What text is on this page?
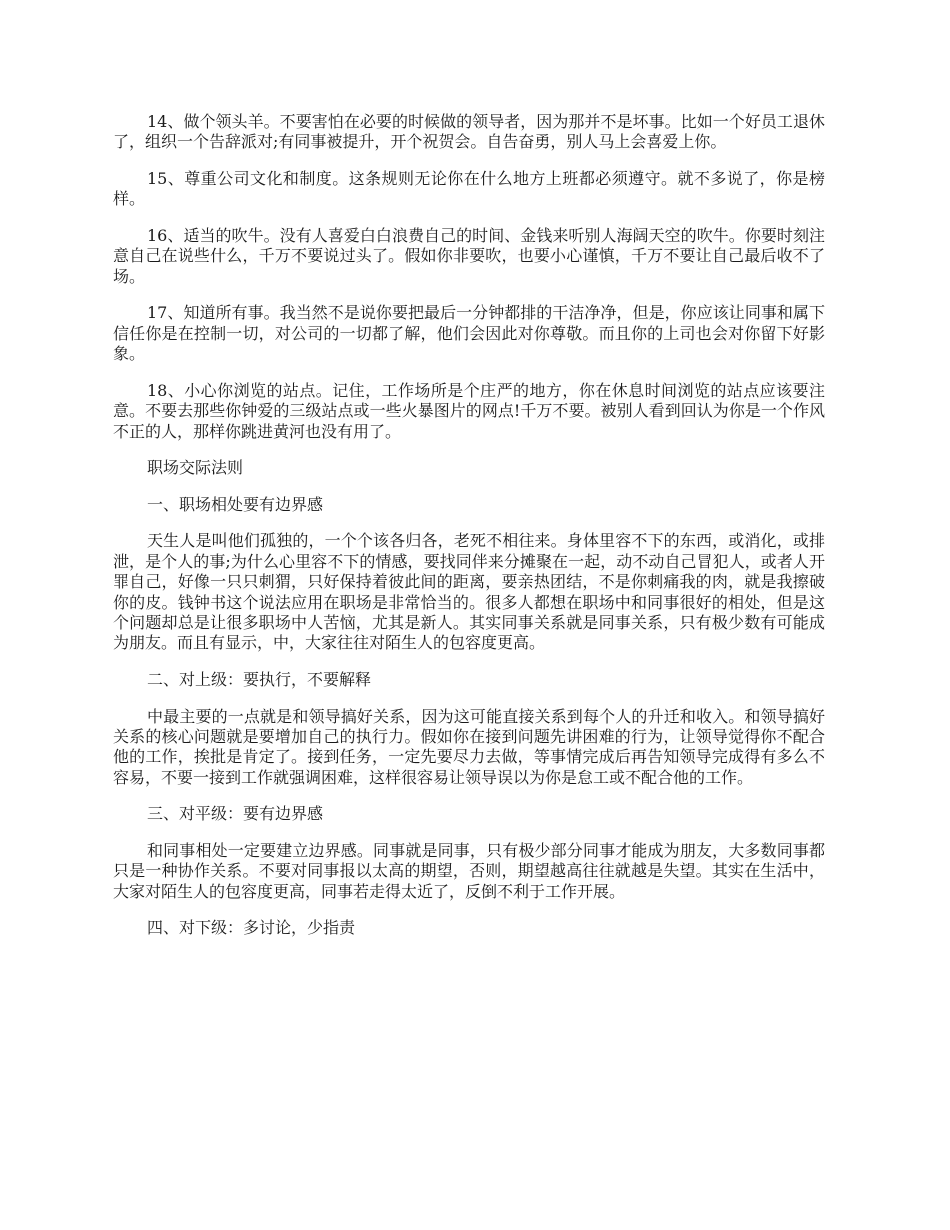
14、做个领头羊。不要害怕在必要的时候做的领导者，因为那并不是坏事。比如一个好员工退休了，组织一个告辞派对;有同事被提升，开个祝贺会。自告奋勇，别人马上会喜爱上你。

15、尊重公司文化和制度。这条规则无论你在什么地方上班都必须遵守。就不多说了，你是榜样。

16、适当的吹牛。没有人喜爱白白浪费自己的时间、金钱来听别人海阔天空的吹牛。你要时刻注意自己在说些什么，千万不要说过头了。假如你非要吹，也要小心谨慎，千万不要让自己最后收不了场。

17、知道所有事。我当然不是说你要把最后一分钟都排的干洁净净，但是，你应该让同事和属下信任你是在控制一切，对公司的一切都了解，他们会因此对你尊敬。而且你的上司也会对你留下好影象。

18、小心你浏览的站点。记住，工作场所是个庄严的地方，你在休息时间浏览的站点应该要注意。不要去那些你钟爱的三级站点或一些火暴图片的网点!千万不要。被别人看到回认为你是一个作风不正的人，那样你跳进黄河也没有用了。

职场交际法则

一、职场相处要有边界感

天生人是叫他们孤独的，一个个该各归各，老死不相往来。身体里容不下的东西，或消化，或排泄，是个人的事;为什么心里容不下的情感，要找同伴来分摊聚在一起，动不动自己冒犯人，或者人开罪自己，好像一只只刺猬，只好保持着彼此间的距离，要亲热团结，不是你刺痛我的肉，就是我擦破你的皮。钱钟书这个说法应用在职场是非常恰当的。很多人都想在职场中和同事很好的相处，但是这个问题却总是让很多职场中人苦恼，尤其是新人。其实同事关系就是同事关系，只有极少数有可能成为朋友。而且有显示，中，大家往往对陌生人的包容度更高。

二、对上级：要执行，不要解释

中最主要的一点就是和领导搞好关系，因为这可能直接关系到每个人的升迁和收入。和领导搞好关系的核心问题就是要增加自己的执行力。假如你在接到问题先讲困难的行为，让领导觉得你不配合他的工作，挨批是肯定了。接到任务，一定先要尽力去做，等事情完成后再告知领导完成得有多么不容易，不要一接到工作就强调困难，这样很容易让领导误以为你是怠工或不配合他的工作。

三、对平级：要有边界感

和同事相处一定要建立边界感。同事就是同事，只有极少部分同事才能成为朋友，大多数同事都只是一种协作关系。不要对同事报以太高的期望，否则，期望越高往往就越是失望。其实在生活中，大家对陌生人的包容度更高，同事若走得太近了，反倒不利于工作开展。

四、对下级：多讨论，少指责
